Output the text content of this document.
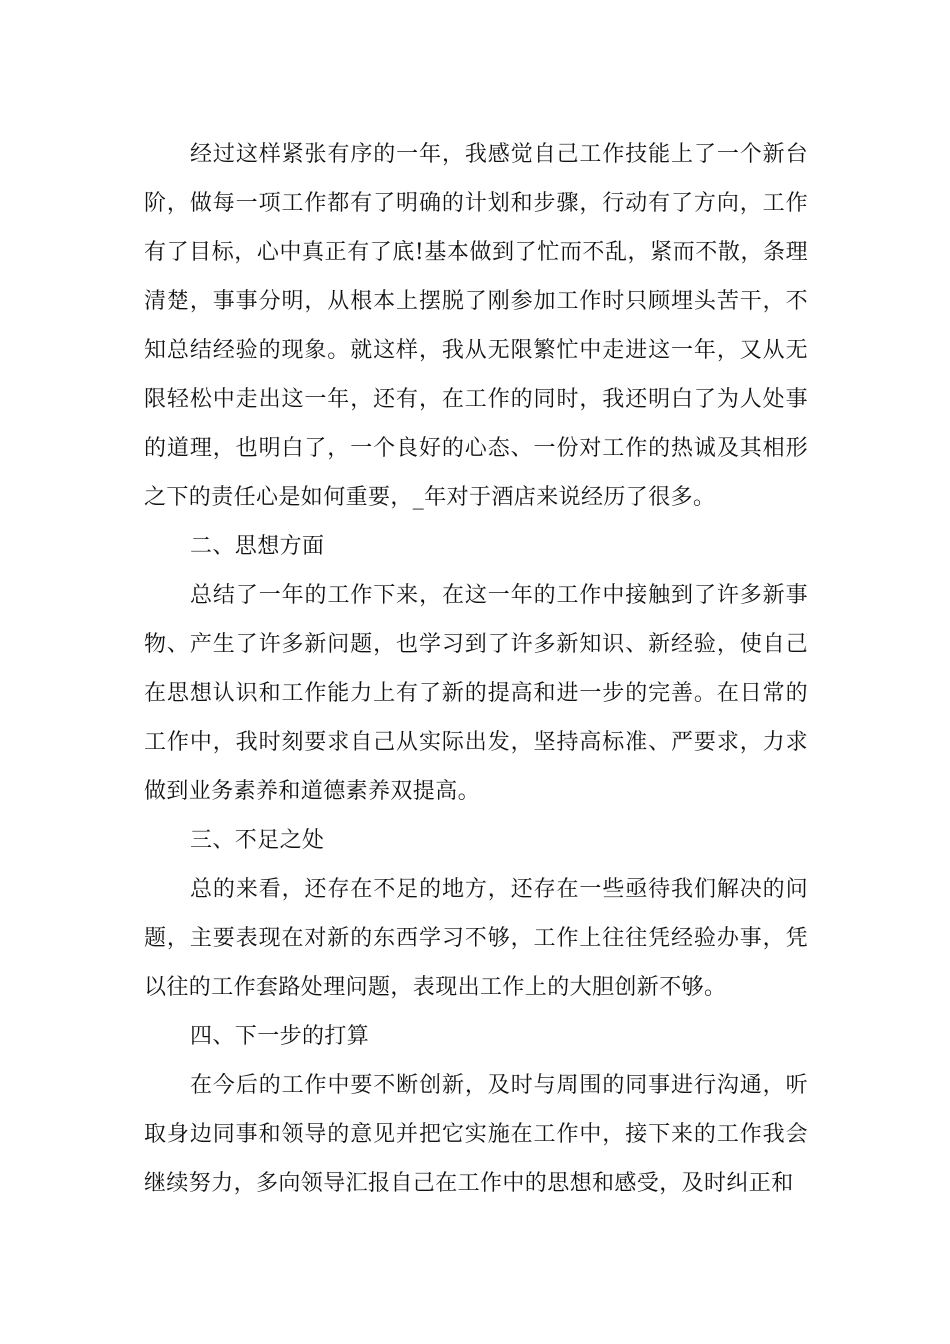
经过这样紧张有序的一年，我感觉自己工作技能上了一个新台阶，做每一项工作都有了明确的计划和步骤，行动有了方向，工作有了目标，心中真正有了底!基本做到了忙而不乱，紧而不散，条理清楚，事事分明，从根本上摆脱了刚参加工作时只顾埋头苦干，不知总结经验的现象。就这样，我从无限繁忙中走进这一年，又从无限轻松中走出这一年，还有，在工作的同时，我还明白了为人处事的道理，也明白了，一个良好的心态、一份对工作的热诚及其相形之下的责任心是如何重要，_年对于酒店来说经历了很多。

二、思想方面

总结了一年的工作下来，在这一年的工作中接触到了许多新事物、产生了许多新问题，也学习到了许多新知识、新经验，使自己在思想认识和工作能力上有了新的提高和进一步的完善。在日常的工作中，我时刻要求自己从实际出发，坚持高标准、严要求，力求做到业务素养和道德素养双提高。

三、不足之处

总的来看，还存在不足的地方，还存在一些亟待我们解决的问题，主要表现在对新的东西学习不够，工作上往往凭经验办事，凭以往的工作套路处理问题，表现出工作上的大胆创新不够。

四、下一步的打算

在今后的工作中要不断创新，及时与周围的同事进行沟通，听取身边同事和领导的意见并把它实施在工作中，接下来的工作我会继续努力，多向领导汇报自己在工作中的思想和感受，及时纠正和
